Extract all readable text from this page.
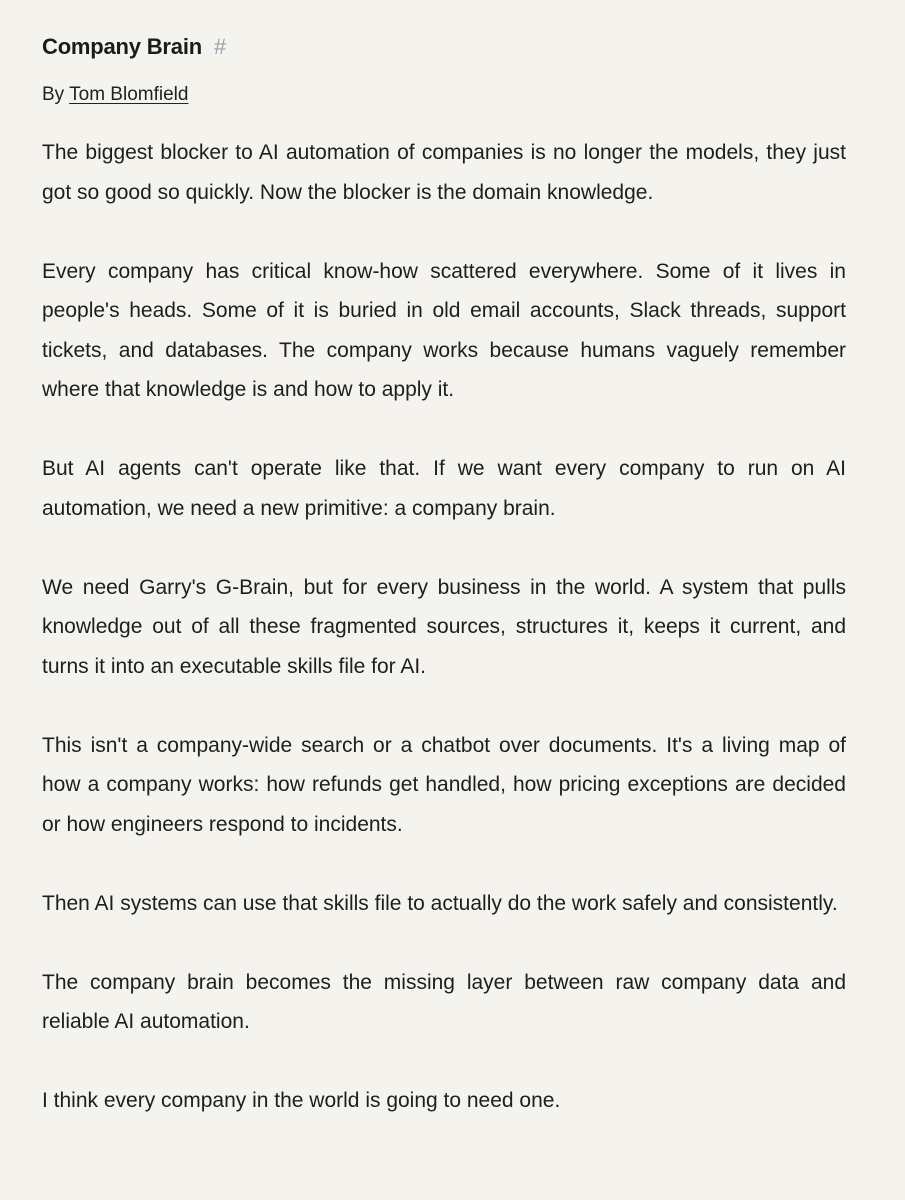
Company Brain #
By Tom Blomfield

The biggest blocker to AI automation of companies is no longer the models, they just got so good so quickly. Now the blocker is the domain knowledge.

Every company has critical know-how scattered everywhere. Some of it lives in people's heads. Some of it is buried in old email accounts, Slack threads, support tickets, and databases. The company works because humans vaguely remember where that knowledge is and how to apply it.

But AI agents can't operate like that. If we want every company to run on AI automation, we need a new primitive: a company brain.

We need Garry's G-Brain, but for every business in the world. A system that pulls knowledge out of all these fragmented sources, structures it, keeps it current, and turns it into an executable skills file for AI.

This isn't a company-wide search or a chatbot over documents. It's a living map of how a company works: how refunds get handled, how pricing exceptions are decided or how engineers respond to incidents.

Then AI systems can use that skills file to actually do the work safely and consistently.

The company brain becomes the missing layer between raw company data and reliable AI automation.

I think every company in the world is going to need one.
